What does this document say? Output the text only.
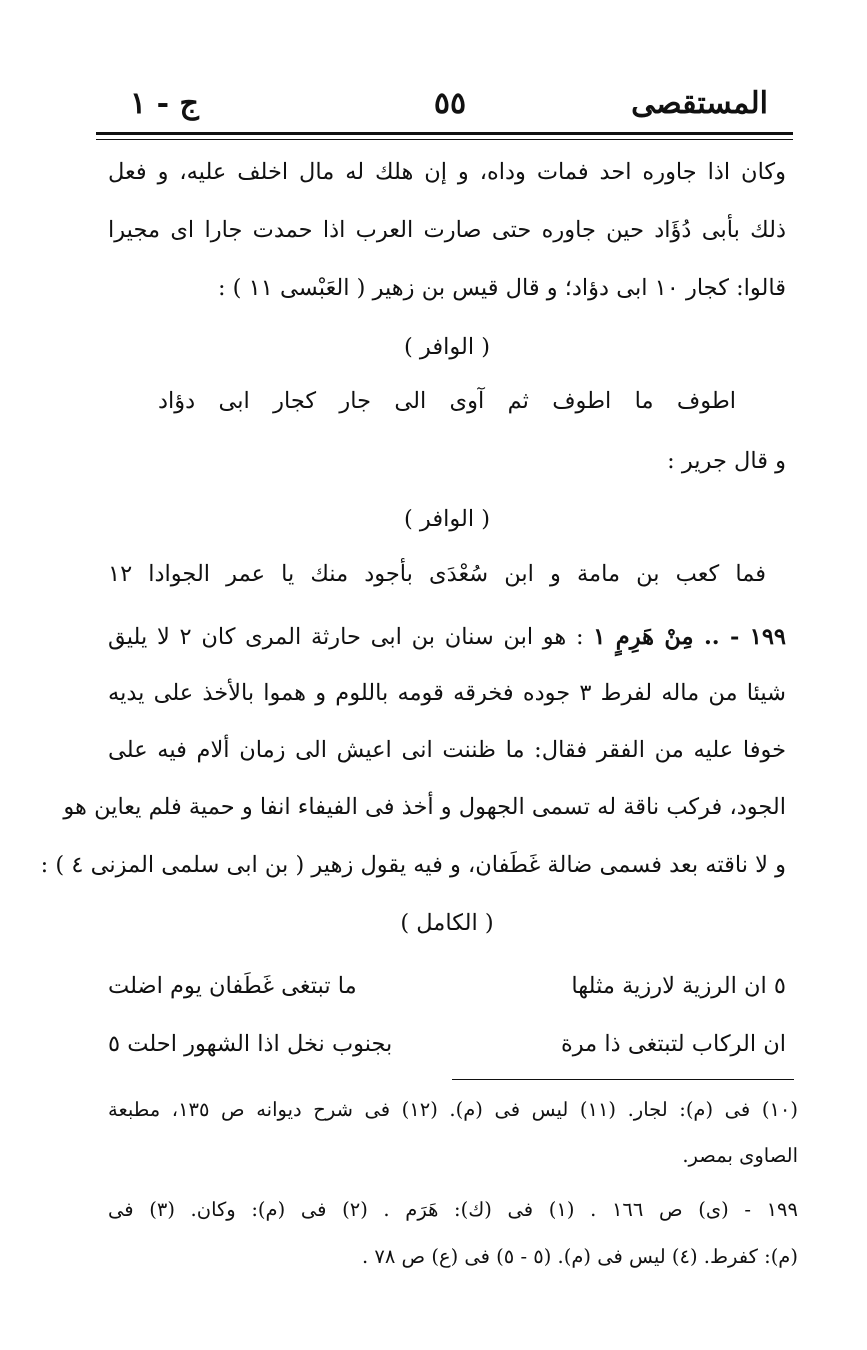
المستقصى
٥٥
ج - ١
وكان اذا جاوره احد فمات وداه، و إن هلك له مال اخلف عليه، و فعل
ذلك بأبى دُؤَاد حين جاوره حتى صارت العرب اذا حمدت جارا اى مجيرا
قالوا: كجار ١٠ ابى دؤاد؛ و قال قيس بن زهير ( العَبْسى ١١ ) :
( الوافر )
اطوف ما اطوف ثم آوى الى جار كجار ابى دؤاد
و قال جرير :
( الوافر )
فما كعب بن مامة و ابن سُعْدَى بأجود منك يا عمر الجوادا ١٢
١٩٩ - .. مِنْ هَرِمٍ ١ : هو ابن سنان بن ابى حارثة المرى كان ٢ لا يليق
شيئا من ماله لفرط ٣ جوده فخرقه قومه باللوم و هموا بالأخذ على يديه
خوفا عليه من الفقر فقال: ما ظننت انى اعيش الى زمان ألام فيه على
الجود، فركب ناقة له تسمى الجهول و أخذ فى الفيفاء انفا و حمية فلم يعاين هو
و لا ناقته بعد فسمى ضالة غَطَفان، و فيه يقول زهير ( بن ابى سلمى المزنى ٤ ) :
( الكامل )
٥ ان الرزية لارزية مثلها
ما تبتغى غَطَفان يوم اضلت
ان الركاب لتبتغى ذا مرة
بجنوب نخل اذا الشهور احلت ٥
(١٠) فى (م): لجار. (١١) ليس فى (م). (١٢) فى شرح ديوانه ص ١٣٥، مطبعة
الصاوى بمصر.
١٩٩ - (ى) ص ١٦٦ . (١) فى (ك): هَرَم . (٢) فى (م): وكان. (٣) فى
(م): كفرط. (٤) ليس فى (م). (٥ - ٥) فى (ع) ص ٧٨ .
